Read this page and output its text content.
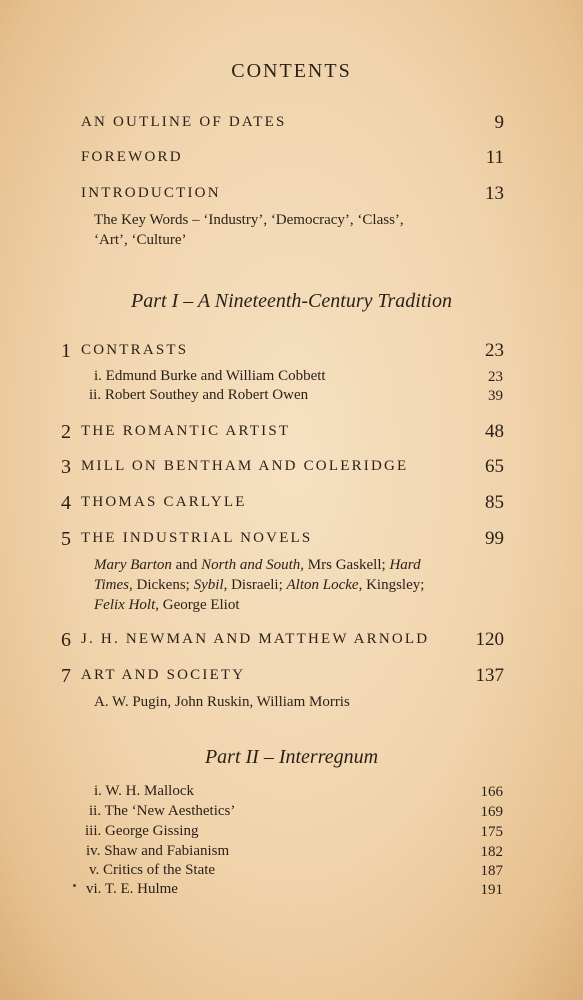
CONTENTS
AN OUTLINE OF DATES	9
FOREWORD	11
INTRODUCTION	13
The Key Words – ‘Industry’, ‘Democracy’, ‘Class’,
‘Art’, ‘Culture’
Part I – A Nineteenth-Century Tradition
1 CONTRASTS	23
i. Edmund Burke and William Cobbett	23
ii. Robert Southey and Robert Owen	39
2 THE ROMANTIC ARTIST	48
3 MILL ON BENTHAM AND COLERIDGE	65
4 THOMAS CARLYLE	85
5 THE INDUSTRIAL NOVELS	99
Mary Barton and North and South, Mrs Gaskell; Hard
Times, Dickens; Sybil, Disraeli; Alton Locke, Kingsley;
Felix Holt, George Eliot
6 J. H. NEWMAN AND MATTHEW ARNOLD 120
7 ART AND SOCIETY	137
A. W. Pugin, John Ruskin, William Morris
Part II – Interregnum
i. W. H. Mallock	166
ii. The ‘New Aesthetics’	169
iii. George Gissing	175
iv. Shaw and Fabianism	182
v. Critics of the State	187
vi. T. E. Hulme	191
